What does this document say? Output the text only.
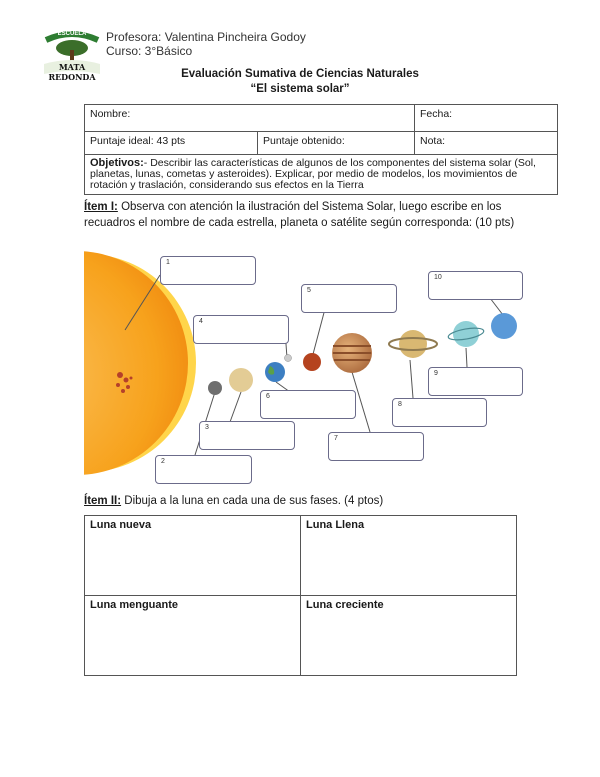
ESCUELA
MATA REDONDA
Profesora: Valentina Pincheira Godoy
Curso: 3°Básico
Evaluación Sumativa de Ciencias Naturales
“El sistema solar”
Nombre:		Fecha:
Puntaje ideal: 43 pts	Puntaje obtenido:	Nota:
Objetivos:- Describir las características de algunos de los componentes del sistema solar (Sol, planetas, lunas, cometas y asteroides). Explicar, por medio de modelos, los movimientos de rotación y traslación, considerando sus efectos en la Tierra		
Ítem I: Observa con atención la ilustración del Sistema Solar, luego escribe en los recuadros el nombre de cada estrella, planeta o satélite según corresponda: (10 pts)
1
2
3
4
5
6
7
8
9
10
Ítem II: Dibuja a la luna en cada una de sus fases. (4 ptos)
Luna nueva	Luna Llena
Luna menguante	Luna creciente
